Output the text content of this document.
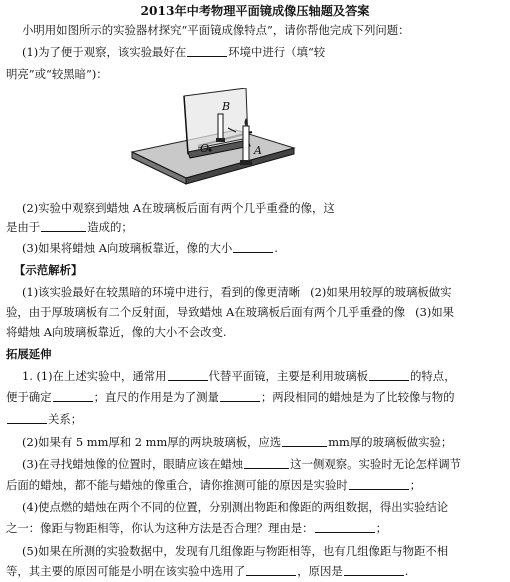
2013年中考物理平面镜成像压轴题及答案
小明用如图所示的实验器材探究“平面镜成像特点”，请你帮他完成下列问题：
(1)为了便于观察，该实验最好在	环境中进行（填“较
明亮”或“较黑暗”)：
B
O	A
(2)实验中观察到蜡烛 A在玻璃板后面有两个几乎重叠的像，这
是由于	造成的；
(3)如果将蜡烛 A向玻璃板靠近，像的大小	.
【示范解析】
(1)该实验最好在较黑暗的环境中进行，看到的像更清晰 (2)如果用较厚的玻璃板做实
验，由于厚玻璃板有二个反射面，导致蜡烛 A在玻璃板后面有两个几乎重叠的像 (3)如果
将蜡烛 A向玻璃板靠近，像的大小不会改变.
拓展延伸
1. (1)在上述实验中，通常用	代替平面镜，主要是利用玻璃板	的特点，
便于确定	；直尺的作用是为了测量	；两段相同的蜡烛是为了比较像与物的
关系；
(2)如果有 5 mm厚和 2 mm厚的两块玻璃板，应选	mm厚的玻璃板做实验；
(3)在寻找蜡烛像的位置时，眼睛应该在蜡烛	这一侧观察。实验时无论怎样调节
后面的蜡烛，都不能与蜡烛的像重合，请你推测可能的原因是实验时	；
(4)使点燃的蜡烛在两个不同的位置，分别测出物距和像距的两组数据，得出实验结论
之一：像距与物距相等，你认为这种方法是否合理？理由是：	；
(5)如果在所测的实验数据中，发现有几组像距与物距相等，也有几组像距与物距不相
等，其主要的原因可能是小明在该实验中选用了	，原因是	.
